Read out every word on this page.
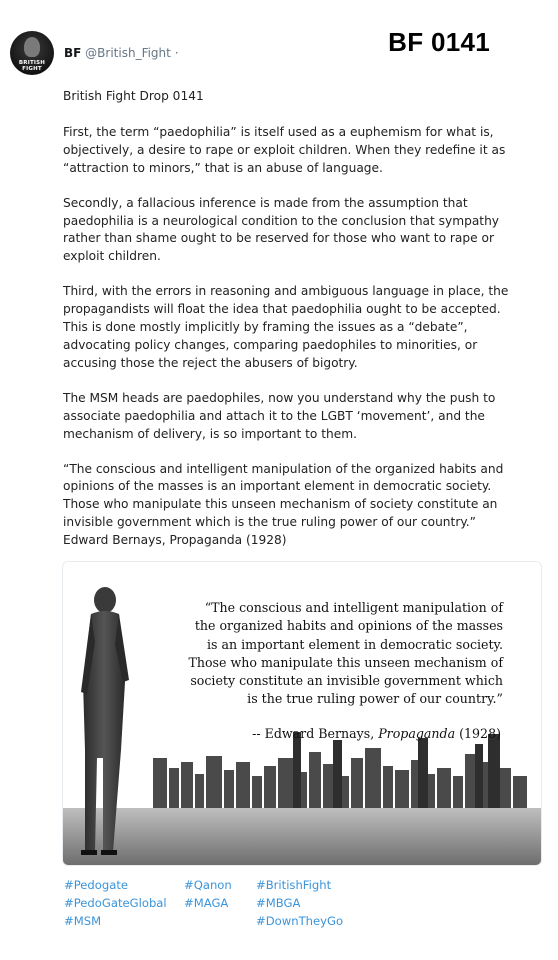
BRITISH FIGHT
BF @British_Fight ·	BF 0141

British Fight Drop 0141

First, the term “paedophilia” is itself used as a euphemism for what is, objectively, a desire to rape or exploit children. When they redefine it as “attraction to minors,” that is an abuse of language.

Secondly, a fallacious inference is made from the assumption that paedophilia is a neurological condition to the conclusion that sympathy rather than shame ought to be reserved for those who want to rape or exploit children.

Third, with the errors in reasoning and ambiguous language in place, the propagandists will float the idea that paedophilia ought to be accepted. This is done mostly implicitly by framing the issues as a “debate”, advocating policy changes, comparing paedophiles to minorities, or accusing those the reject the abusers of bigotry.

The MSM heads are paedophiles, now you understand why the push to associate paedophilia and attach it to the LGBT ‘movement’, and the mechanism of delivery, is so important to them.

“The conscious and intelligent manipulation of the organized habits and opinions of the masses is an important element in democratic society. Those who manipulate this unseen mechanism of society constitute an invisible government which is the true ruling power of our country.”

Edward Bernays, Propaganda (1928)
“The conscious and intelligent manipulation of the organized habits and opinions of the masses is an important element in democratic society. Those who manipulate this unseen mechanism of society constitute an invisible government which is the true ruling power of our country.”
-- Edward Bernays, Propaganda (1928)
#Pedogate
#PedoGateGlobal
#MSM
#Qanon
#MAGA
#BritishFight
#MBGA
#DownTheyGo
